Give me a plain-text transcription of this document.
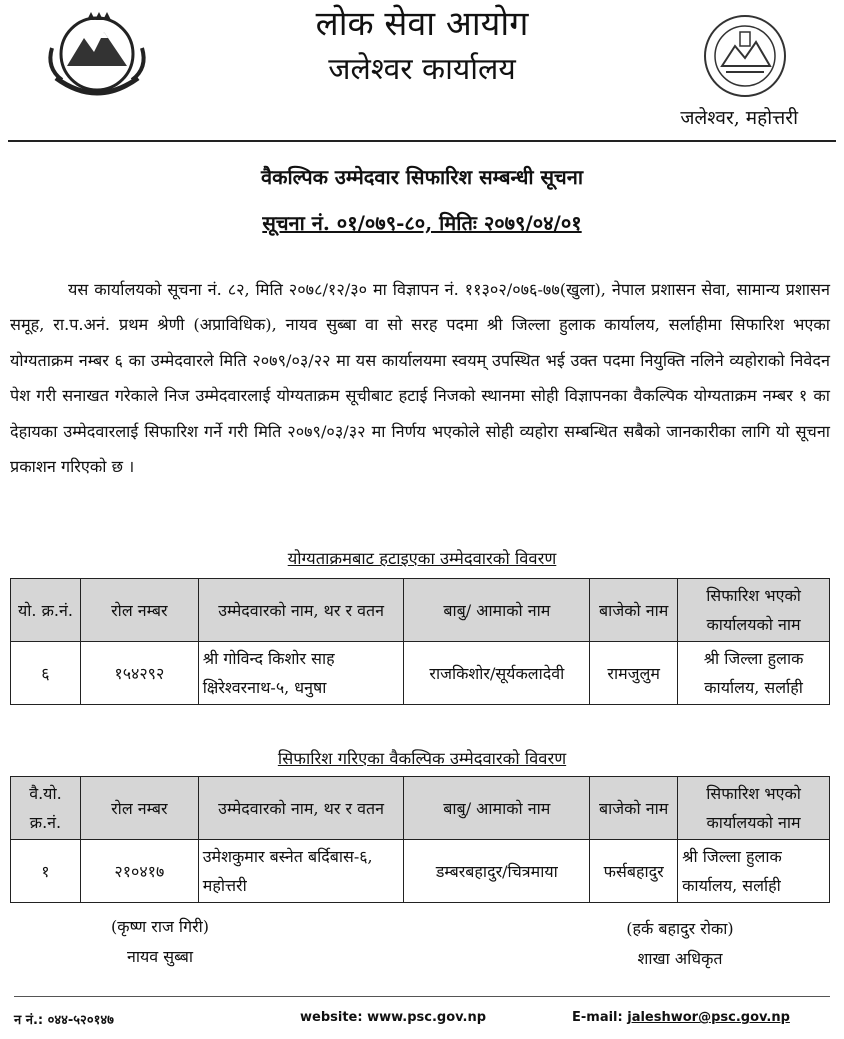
लोक सेवा आयोग
जलेश्वर कार्यालय
जलेश्वर, महोत्तरी
वैकल्पिक उम्मेदवार सिफारिश सम्बन्धी सूचना
सूचना नं. ०१/०७९-८०, मितिः २०७९/०४/०१
यस कार्यालयको सूचना नं. ८२, मिति २०७८/१२/३० मा विज्ञापन नं. ११३०२/०७६-७७(खुला), नेपाल प्रशासन सेवा, सामान्य प्रशासन समूह, रा.प.अनं. प्रथम श्रेणी (अप्राविधिक), नायव सुब्बा वा सो सरह पदमा श्री जिल्ला हुलाक कार्यालय, सर्लाहीमा सिफारिश भएका योग्यताक्रम नम्बर ६ का उम्मेदवारले मिति २०७९/०३/२२ मा यस कार्यालयमा स्वयम् उपस्थित भई उक्त पदमा नियुक्ति नलिने व्यहोराको निवेदन पेश गरी सनाखत गरेकाले निज उम्मेदवारलाई योग्यताक्रम सूचीबाट हटाई निजको स्थानमा सोही विज्ञापनका वैकल्पिक योग्यताक्रम नम्बर १ का देहायका उम्मेदवारलाई सिफारिश गर्ने गरी मिति २०७९/०३/३२ मा निर्णय भएकोले सोही व्यहोरा सम्बन्धित सबैको जानकारीका लागि यो सूचना प्रकाशन गरिएको छ ।
योग्यताक्रमबाट हटाइएका उम्मेदवारको विवरण
यो. क्र.नं.	रोल नम्बर	उम्मेदवारको नाम, थर र वतन	बाबु/ आमाको नाम	बाजेको नाम	सिफारिश भएको कार्यालयको नाम
६	१५४२९२	श्री गोविन्द किशोर साह क्षिरेश्वरनाथ-५, धनुषा	राजकिशोर/सूर्यकलादेवी	रामजुलुम	श्री जिल्ला हुलाक कार्यालय, सर्लाही
सिफारिश गरिएका वैकल्पिक उम्मेदवारको विवरण
वै.यो. क्र.नं.	रोल नम्बर	उम्मेदवारको नाम, थर र वतन	बाबु/ आमाको नाम	बाजेको नाम	सिफारिश भएको कार्यालयको नाम
१	२१०४१७	उमेशकुमार बस्नेत बर्दिबास-६, महोत्तरी	डम्बरबहादुर/चित्रमाया	फर्सबहादुर	श्री जिल्ला हुलाक कार्यालय, सर्लाही
(कृष्ण राज गिरी)
नायव सुब्बा
(हर्क बहादुर रोका)
शाखा अधिकृत
न नं.: ०४४-५२०१४७	website: www.psc.gov.np	E-mail: jaleshwor@psc.gov.np
